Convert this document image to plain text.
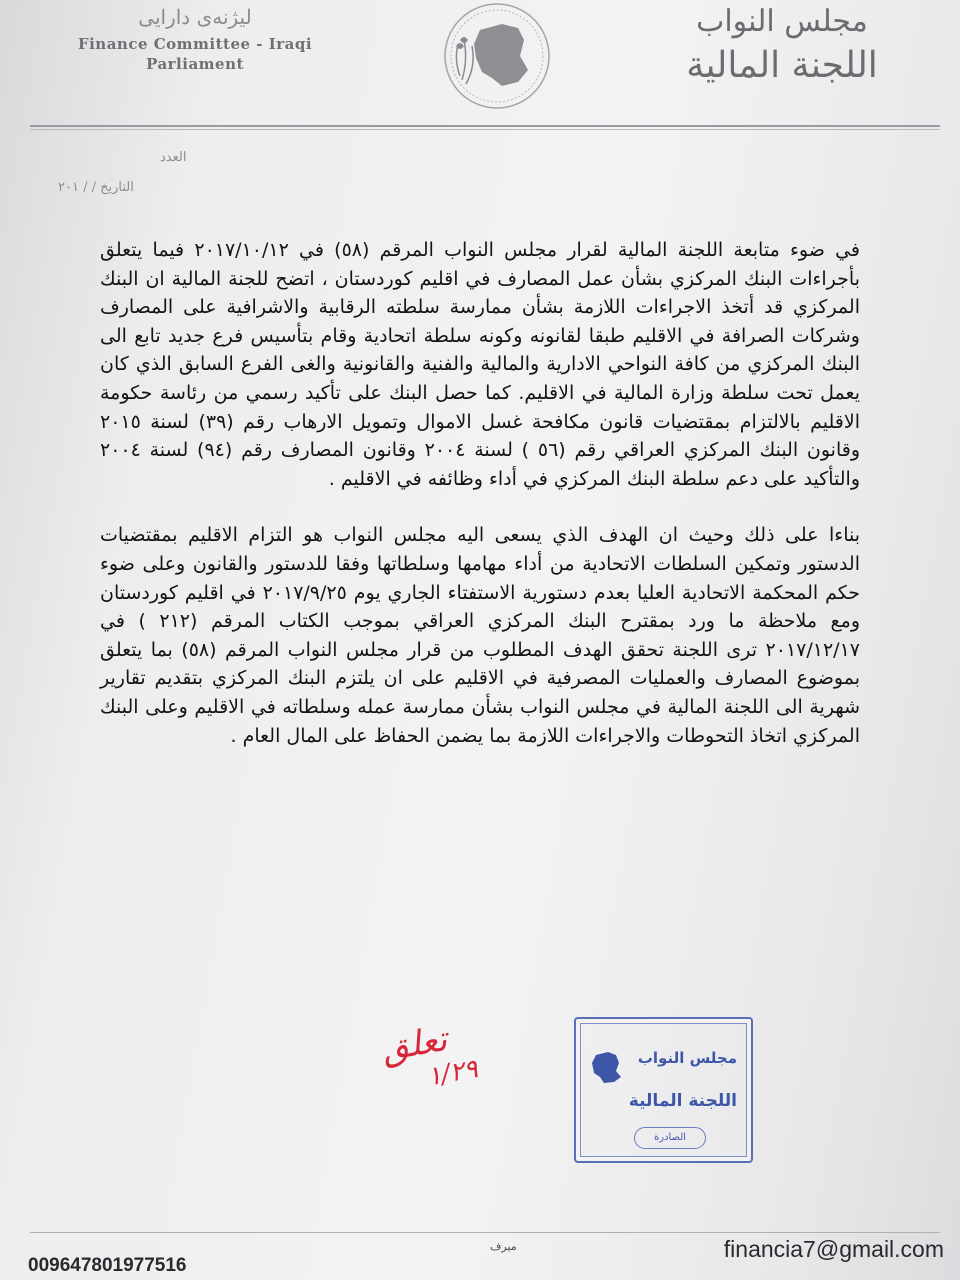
لیژنەی دارایی
Finance Committee - Iraqi Parliament
مجلس النواب
اللجنة المالية
العدد
التاريخ / / ٢٠١

في ضوء متابعة اللجنة المالية لقرار مجلس النواب المرقم (٥٨) في ٢٠١٧/١٠/١٢ فيما يتعلق بأجراءات البنك المركزي بشأن عمل المصارف في اقليم كوردستان ، اتضح للجنة المالية ان البنك المركزي قد أتخذ الاجراءات اللازمة بشأن ممارسة سلطته الرقابية والاشرافية على المصارف وشركات الصرافة في الاقليم طبقا لقانونه وكونه سلطة اتحادية وقام بتأسيس فرع جديد تابع الى البنك المركزي من كافة النواحي الادارية والمالية والفنية والقانونية والغى الفرع السابق الذي كان يعمل تحت سلطة وزارة المالية في الاقليم. كما حصل البنك على تأكيد رسمي من رئاسة حكومة الاقليم بالالتزام بمقتضيات قانون مكافحة غسل الاموال وتمويل الارهاب رقم (٣٩) لسنة ٢٠١٥ وقانون البنك المركزي العراقي رقم (٥٦ ) لسنة ٢٠٠٤ وقانون المصارف رقم (٩٤) لسنة ٢٠٠٤ والتأكيد على دعم سلطة البنك المركزي في أداء وظائفه في الاقليم .

بناءا على ذلك وحيث ان الهدف الذي يسعى اليه مجلس النواب هو التزام الاقليم بمقتضيات الدستور وتمكين السلطات الاتحادية من أداء مهامها وسلطاتها وفقا للدستور والقانون وعلى ضوء حكم المحكمة الاتحادية العليا بعدم دستورية الاستفتاء الجاري يوم ٢٠١٧/٩/٢٥ في اقليم كوردستان ومع ملاحظة ما ورد بمقترح البنك المركزي العراقي بموجب الكتاب المرقم (٢١٢ ) في ٢٠١٧/١٢/١٧ ترى اللجنة تحقق الهدف المطلوب من قرار مجلس النواب المرقم (٥٨) بما يتعلق بموضوع المصارف والعمليات المصرفية في الاقليم على ان يلتزم البنك المركزي بتقديم تقارير شهرية الى اللجنة المالية في مجلس النواب بشأن ممارسة عمله وسلطاته في الاقليم وعلى البنك المركزي اتخاذ التحوطات والاجراءات اللازمة بما يضمن الحفاظ على المال العام .

تعلق
١/٢٩	مجلس النواب
اللجنة المالية
الصادرة
009647801977516
ميرف	financia7@gmail.com
